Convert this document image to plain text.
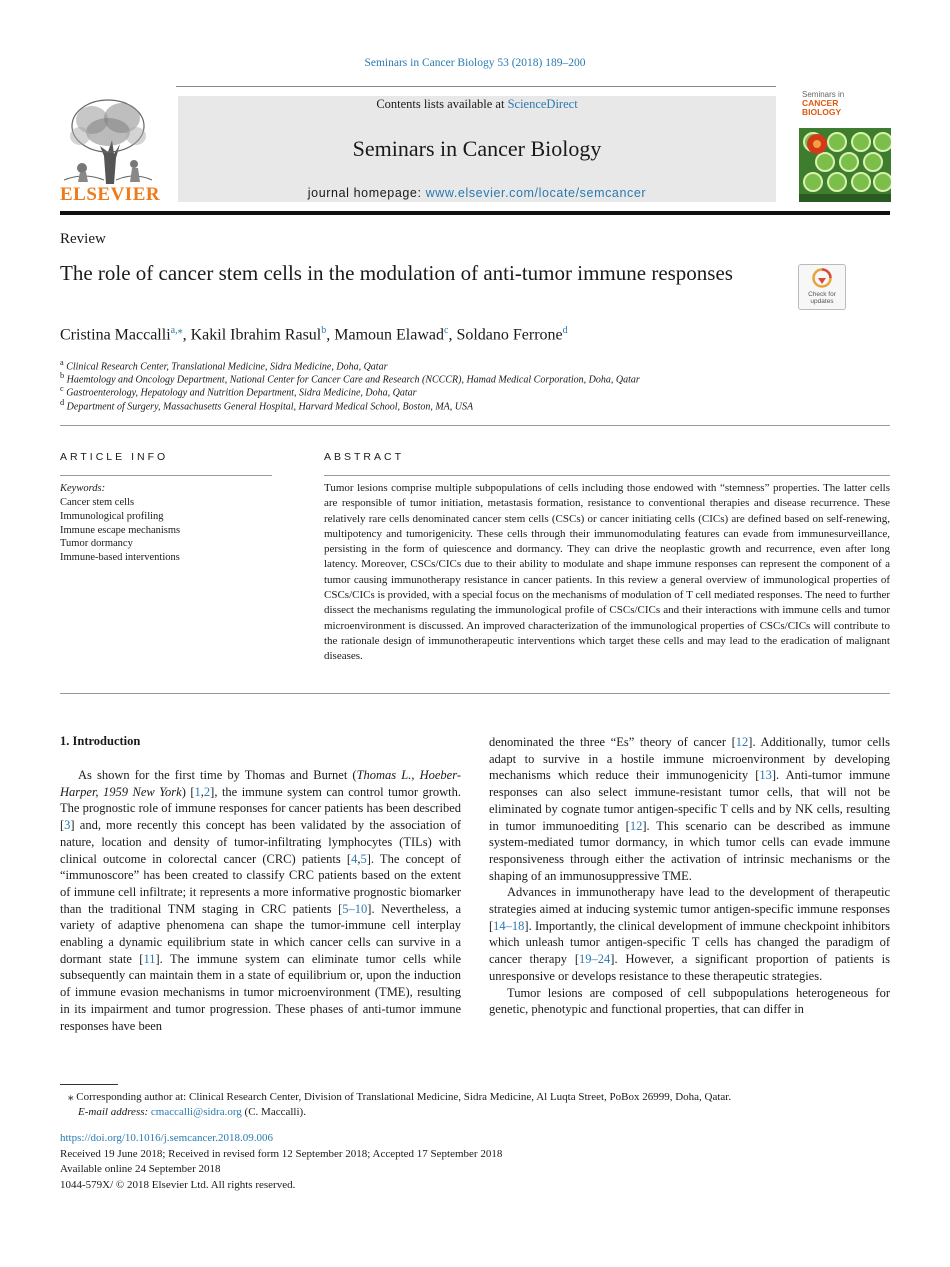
Seminars in Cancer Biology 53 (2018) 189–200
ELSEVIER
Contents lists available at ScienceDirect
Seminars in Cancer Biology
journal homepage: www.elsevier.com/locate/semcancer
Seminars in
CANCER
BIOLOGY
Review
The role of cancer stem cells in the modulation of anti-tumor immune responses
Check for updates
Cristina Maccalli$^{a,⁎}$, Kakil Ibrahim Rasul$^b$, Mamoun Elawad$^c$, Soldano Ferrone$^d$
$^a$ Clinical Research Center, Translational Medicine, Sidra Medicine, Doha, Qatar
$^b$ Haemtology and Oncology Department, National Center for Cancer Care and Research (NCCCR), Hamad Medical Corporation, Doha, Qatar
$^c$ Gastroenterology, Hepatology and Nutrition Department, Sidra Medicine, Doha, Qatar
$^d$ Department of Surgery, Massachusetts General Hospital, Harvard Medical School, Boston, MA, USA
ARTICLE INFO	ABSTRACT
Keywords:
Cancer stem cells
Immunological profiling
Immune escape mechanisms
Tumor dormancy
Immune-based interventions
Tumor lesions comprise multiple subpopulations of cells including those endowed with “stemness” properties. The latter cells are responsible of tumor initiation, metastasis formation, resistance to conventional therapies and disease recurrence. These relatively rare cells denominated cancer stem cells (CSCs) or cancer initiating cells (CICs) are defined based on self-renewing, multipotency and tumorigenicity. These cells through their immunomodulating features can evade from immunesurveillance, persisting in the form of quiescence and dormancy. They can drive the neoplastic growth and recurrence, even after long latency. Moreover, CSCs/CICs due to their ability to modulate and shape immune responses can represent the component of a tumor causing immunotherapy resistance in cancer patients. In this review a general overview of immunological properties of CSCs/CICs is provided, with a special focus on the mechanisms of modulation of T cell mediated responses. The need to further dissect the mechanisms regulating the immunological profile of CSCs/CICs and their interactions with immune cells and tumor microenvironment is discussed. An improved characterization of the immunological properties of CSCs/CICs will contribute to the rationale design of immunotherapeutic interventions which target these cells and may lead to the eradication of malignant diseases.
1. Introduction

As shown for the first time by Thomas and Burnet (Thomas L., Hoeber-Harper, 1959 New York) [1,2], the immune system can control tumor growth. The prognostic role of immune responses for cancer patients has been described [3] and, more recently this concept has been validated by the association of nature, location and density of tumor-infiltrating lymphocytes (TILs) with clinical outcome in colorectal cancer (CRC) patients [4,5]. The concept of “immunoscore” has been created to classify CRC patients based on the extent of immune cell infiltrate; it represents a more informative prognostic biomarker than the traditional TNM staging in CRC patients [5–10]. Nevertheless, a variety of adaptive phenomena can shape the tumor-immune cell interplay enabling a dynamic equilibrium state in which cancer cells can survive in a dormant state [11]. The immune system can eliminate tumor cells while subsequently can maintain them in a state of equilibrium or, upon the induction of immune evasion mechanisms in tumor microenvironment (TME), resulting in its impairment and tumor progression. These phases of anti-tumor immune responses have been

denominated the three “Es” theory of cancer [12]. Additionally, tumor cells adapt to survive in a hostile immune microenvironment by developing mechanisms which reduce their immunogenicity [13]. Anti-tumor immune responses can also select immune-resistant tumor cells, that will not be eliminated by cognate tumor antigen-specific T cells and by NK cells, resulting in tumor immunoediting [12]. This scenario can be described as immune system-mediated tumor dormancy, in which tumor cells can evade immune responsiveness through either the activation of intrinsic mechanisms or the shaping of an immunosuppressive TME.

Advances in immunotherapy have lead to the development of therapeutic strategies aimed at inducing systemic tumor antigen-specific immune responses [14–18]. Importantly, the clinical development of immune checkpoint inhibitors which unleash tumor antigen-specific T cells has changed the paradigm of cancer therapy [19–24]. However, a significant proportion of patients is unresponsive or develops resistance to these therapeutic strategies.

Tumor lesions are composed of cell subpopulations heterogeneous for genetic, phenotypic and functional properties, that can differ in

⁎ Corresponding author at: Clinical Research Center, Division of Translational Medicine, Sidra Medicine, Al Luqta Street, PoBox 26999, Doha, Qatar.
E-mail address: cmaccalli@sidra.org (C. Maccalli).
https://doi.org/10.1016/j.semcancer.2018.09.006
Received 19 June 2018; Received in revised form 12 September 2018; Accepted 17 September 2018
Available online 24 September 2018
1044-579X/ © 2018 Elsevier Ltd. All rights reserved.
